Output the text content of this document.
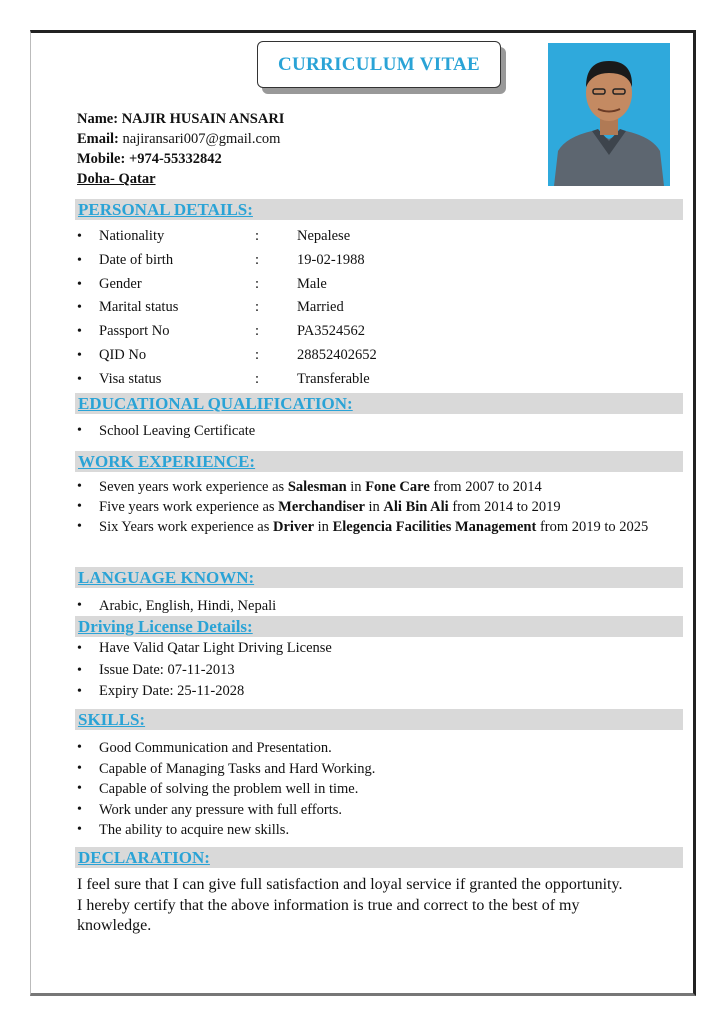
CURRICULUM VITAE
Name: NAJIR HUSAIN ANSARI
Email: najiransari007@gmail.com
Mobile: +974-55332842
Doha- Qatar
PERSONAL DETAILS:
• Nationality	:	Nepalese
• Date of birth	:	19-02-1988
• Gender	:	Male
• Marital status	:	Married
• Passport No	:	PA3524562
• QID No	:	28852402652
• Visa status	:	Transferable
EDUCATIONAL QUALIFICATION:
• School Leaving Certificate
WORK EXPERIENCE:
• Seven years work experience as Salesman in Fone Care from 2007 to 2014
• Five years work experience as Merchandiser in Ali Bin Ali from 2014 to 2019
• Six Years work experience as Driver in Elegencia Facilities Management from 2019 to 2025
LANGUAGE KNOWN:
• Arabic, English, Hindi, Nepali
Driving License Details:
• Have Valid Qatar Light Driving License
• Issue Date: 07-11-2013
• Expiry Date: 25-11-2028
SKILLS:
• Good Communication and Presentation.
• Capable of Managing Tasks and Hard Working.
• Capable of solving the problem well in time.
• Work under any pressure with full efforts.
• The ability to acquire new skills.
DECLARATION:
I feel sure that I can give full satisfaction and loyal service if granted the opportunity.
I hereby certify that the above information is true and correct to the best of my knowledge.
